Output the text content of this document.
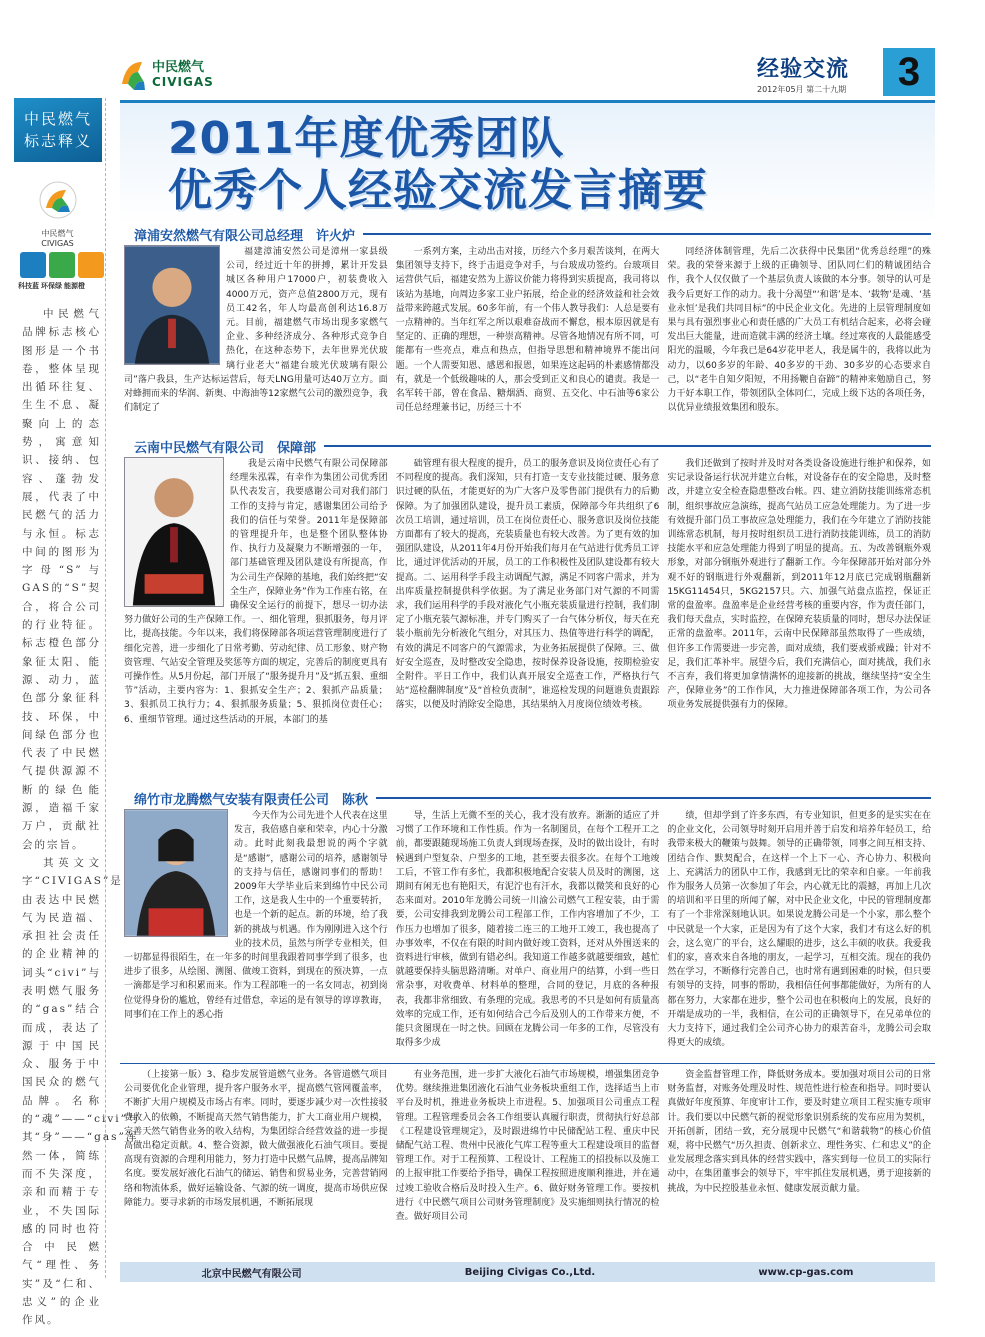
中民燃气
标志释义
中民燃气
CIVIGAS
科技蓝 环保绿 能源橙

中民燃气品牌标志核心图形是一个书卷，整体呈现出循环往复、生生不息、凝聚向上的态势，寓意知识、接纳、包容、蓬勃发展，代表了中民燃气的活力与永恒。标志中间的图形为字母“S”与GAS的“S”契合，将合公司的行业特征。标志橙色部分象征太阳、能源、动力，蓝色部分象征科技、环保，中间绿色部分也代表了中民燃气提供源源不断的绿色能源，造福千家万户，贡献社会的宗旨。

其英文文字“CIVIGAS”是由表达中民燃气为民造福、承担社会责任的企业精神的词头“civi”与表明燃气服务的“gas”结合而成，表达了源于中国民众、服务于中国民众的燃气品牌。名称的“魂”——“civi”与其“身”——“gas”浑然一体，简练而不失深度，亲和而精于专业，不失国际感的同时也符合中民燃气“理性、务实”及“仁和、忠义”的企业作风。

中民燃气
CIVIGAS	经验交流
2012年05月 第二十九期	3
2011年度优秀团队
优秀个人经验交流发言摘要
漳浦安然燃气有限公司总经理　许火炉

福建漳浦安然公司是漳州一家县级公司，经过近十年的拼搏，累计开发县城区各种用户17000户，初装费收入4000万元，资产总值2800万元，现有员工42名，年人均最高创利达16.8万元。目前，福建燃气市场出现多家燃气企业、多种经济成分、各种形式竞争自热化，在这种态势下，去年世界光伏玻璃行业老大“福建台玻光伏玻璃有限公司”落户我县，生产达标运营后，每天LNG用量可达40万立方。面对蜂拥而来的华润、新奥、中海油等12家燃气公司的激烈竞争，我们制定了

一系列方案，主动出击对接，历经六个多月艰苦谈判，在两大集团领导支持下，终于击退竞争对手，与台玻成功签约。台玻项目运营供气后，福建安然为上游议价能力将得到实质提高，我司将以该站为基地，向周边多家工业户拓展，给企业的经济效益和社会效益带来跨越式发展。60多年前，有一个伟人教导我们：人总是要有一点精神的。当年红军之所以艰难奋战而不懈怠，根本原因就是有坚定的、正确的理想，一种崇高精神。尽管各地情况有所不同，可能都有一些亮点，难点和热点，但指导思想和精神境界不能出问题。一个人需要知恩、感恩和报恩，如果连这起码的朴素感情都没有，就是一个低级趣味的人，那会受到正义和良心的谴责。我是一名军转干部，曾在食品、糖烟酒、商贸、五交化、中石油等6家公司任总经理兼书记，历经三十不

同经济体制管理，先后二次获得中民集团“优秀总经理”的殊荣。我的荣誉来源于上级的正确领导、团队同仁们的精诚团结合作，我个人仅仅做了一个基层负责人该做的本分事。领导的认可是我今后更好工作的动力。我十分渴望“‘和谐’是本、‘载物’是魂、‘基业永恒’是我们共同目标”的中民企业文化。先进的上层管理制度如果与具有强烈事业心和责任感的广大员工有机结合起来，必将会碰发出巨大能量，进而造就丰满的经济土壤。经过寒夜的人最能感受阳光的温暖，今年我已是64岁花甲老人，我是属牛的，我将以此为动力，以60多岁的年龄、40多岁的干劲、30多岁的心态要求自己，以“老牛自知夕阳短，不用扬鞭自奋蹄”的精神来勉励自己，努力干好本职工作，带领团队全体同仁，完成上级下达的各项任务，以优异业绩报效集团和股东。

云南中民燃气有限公司　保障部

我是云南中民燃气有限公司保障部经理朱泓霖，有幸作为集团公司优秀团队代表发言，我要感谢公司对我们部门工作的支持与肯定，感谢集团公司给予我们的信任与荣誉。2011年是保障部的管理提升年，也是整个团队整体协作、执行力及凝聚力不断增强的一年，部门基础管理及团队建设有所提高，作为公司生产保障的基地，我们始终把“安全生产，保障业务”作为工作座右铭，在确保安全运行的前提下，想尽一切办法努力做好公司的生产保障工作。一、细化管理，狠抓服务，每月评比，提高技能。今年以来，我们将保障部各项运营管理制度进行了细化完善，进一步细化了日常考勤、劳动纪律、员工形象、财产物资管理、气站安全管理及奖惩等方面的规定，完善后的制度更具有可操作性。从5月份起，部门开展了“服务提升月”及“抓五狠、重细节”活动，主要内容为：1、狠抓安全生产；2、狠抓产品质量；3、狠抓员工执行力；4、狠抓服务质量；5、狠抓岗位责任心；6、重细节管理。通过这些活动的开展，本部门的基

础管理有很大程度的提升，员工的服务意识及岗位责任心有了不同程度的提高。我们深知，只有打造一支专业技能过硬、服务意识过硬的队伍，才能更好的为广大客户及零售部门提供有力的后勤保障。为了加强团队建设，提升员工素质，保障部今年共组织了6次员工培训，通过培训，员工在岗位责任心、服务意识及岗位技能方面都有了较大的提高，充装质量也有较大改善。为了更有效的加强团队建设，从2011年4月份开始我们每月在气站进行优秀员工评比，通过评优活动的开展，员工的工作积极性及团队建设都有较大提高。二、运用科学手段主动调配气源，满足不同客户需求，并为出库质量控制提供科学依据。为了满足业务部门对气源的不同需求，我们运用科学的手段对液化气小瓶充装质量进行控制，我们制定了小瓶充装气源标准，并专门购买了一台气体分析仪，每天在充装小瓶前先分析液化气组分，对其压力、热值等进行科学的调配，有效的满足不同客户的气源需求，为业务拓展提供了保障。三、做好安全巡查，及时整改安全隐患，按时保养设备设施，按期检验安全附件。平日工作中，我们认真开展安全巡查工作，严格执行气站“巡检翻牌制度”及“首检负责制”，谁巡检发现的问题谁负责跟踪落实，以便及时消除安全隐患，其结果纳入月度岗位绩效考核。

我们还做到了按时并及时对各类设备设施进行维护和保养，如实记录设备运行状况并建立台帐，对设备存在的安全隐患，及时整改，并建立安全检查隐患整改台帐。四、建立消防技能训练常态机制，组织事故应急演练，提高气站员工应急处理能力。为了进一步有效提升部门员工事故应急处理能力，我们在今年建立了消防技能训练常态机制，每月按时组织员工进行消防技能训练，员工的消防技能水平和应急处理能力得到了明显的提高。五、为改善钢瓶外观形象，对部分钢瓶外观进行了翻新工作。今年保障部开始对部分外观不好的钢瓶进行外观翻新，到2011年12月底已完成钢瓶翻新15KG11454只，5KG2157只。六、加强气站盘点监控，保证正常的盘盈率。盘盈率是企业经营考核的重要内容，作为责任部门，我们每天盘点，实时监控，在保障充装质量的同时，想尽办法保证正常的盘盈率。2011年，云南中民保障部虽然取得了一些成绩，但许多工作需要进一步完善，面对成绩，我们要戒骄戒躁；针对不足，我们汇革补牢。展望今后，我们充满信心，面对挑战，我们永不言弃，我们将更加拿情满怀的迎接新的挑战，继续坚持“安全生产，保障业务”的工作作风，大力推进保障部各项工作，为公司各项业务发展提供强有力的保障。

绵竹市龙腾燃气安装有限责任公司　陈秋

今天作为公司先进个人代表在这里发言，我倍感自豪和荣幸，内心十分激动。此时此刻我最想说的两个字就是“感谢”，感谢公司的培养，感谢领导的支持与信任，感谢同事们的帮助！2009年大学毕业后来到绵竹中民公司工作，这是我人生中的一个重要转折，也是一个新的起点。新的环境，给了我新的挑战与机遇。作为刚刚进入这个行业的技术员，虽然与所学专业相关，但一切都显得很陌生，在一年多的时间里我跟着同事学到了很多，也进步了很多，从绘图、测图、做竣工资料，到现在的预决算，一点一滴都是学习和积累而来。作为工程部唯一的一名女同志，初到岗位觉得身份的尴尬，曾经有过借怠，幸运的是有领导的谆谆教诲，同事们在工作上的悉心指

导，生活上无微不至的关心，我才没有放弃。渐渐的适应了并习惯了工作环境和工作性质。作为一名制图员，在每个工程开工之前，都要跟随现场施工负责人到现场查探，及时的做出设计，有时候遇到户型复杂、户型多的工地，甚至要去很多次。在每个工地竣工后，不管工作有多忙，我都积极地配合安装人员及时的测图，这期间有闲无也有艳阳天，有泥泞也有汗水，我都以微笑和良好的心态来面对。2010年龙腾公司统一川渝公司燃气工程安装，由于需要，公司安排我到龙腾公司工程部工作，工作内容增加了不少，工作压力也增加了很多，随着接二连三的工地开工竣工，我也提高了办事效率，不仅在有限的时间内做好竣工资料，还对从外围送来的资料进行审核，做到有错必纠。我知道工作越多就越要细致，越忙就越要保持头脑思路清晰。对单户、商业用户的结算，小到一些日常杂事，对收费单、材料单的整理，合同的登记，月底的各种报表，我都非常细致、有条理的完成。我思考的不只是如何有质量高效率的完成工作，还有如何结合己今后及别人的工作带来方便，不能只贪图现在一时之快。回顾在龙腾公司一年多的工作，尽管没有取得多少成

绩，但却学到了许多东西，有专业知识，但更多的是实实在在的企业文化，公司领导时刻开启用并善于启发和培养年轻员工，给我带来极大的鞭策与鼓舞。领导的正确带领，同事之间互相支持、团结合作、默契配合，在这样一个上下一心、齐心协力、积极向上、充满活力的团队中工作，我感到无比的荣幸和自豪。一年前我作为服务人员第一次参加了年会，内心就无比的震撼，再加上几次的培训和平日里的所闻了解，对中民企业文化，中民的管理制度都有了一个非常深刻地认识。如果说龙腾公司是一个小家，那么整个中民就是一个大家，正是因为有了这个大家，我们才有这么好的机会，这么宽广的平台，这么耀眼的进步，这么丰硕的收获。我爱我们的家，喜欢来自各地的朋友，一起学习，互相交流。现在的我仍然在学习，不断修行完善自己，也时常有遇到困难的时候，但只要有领导的支持，同事的帮助，我相信任何事都能做好，为所有的人都在努力，大家都在进步，整个公司也在积极向上的发展，良好的开端是成功的一半，我相信，在公司的正确领导下，在兄弟单位的大力支持下，通过我们全公司齐心协力的艰苦奋斗，龙腾公司会取得更大的成绩。

（上接第一版）3、稳步发展管道燃气业务。各管道燃气项目公司要优化企业管理，提升客户服务水平，提高燃气管网覆盖率，不断扩大用户规模及市场占有率。同时，要逐步减少对一次性接驳费收入的依赖，不断提高天然气销售能力，扩大工商业用户规模，完善天然气销售业务的收入结构，为集团综合经营效益的进一步提高做出稳定贡献。4、整合资源，做大做强液化石油气项目。要提高现有资源的合理利用能力，努力打造中民燃气品牌，提高品牌知名度。要发展好液化石油气的储运、销售和贸易业务，完善营销网络和物流体系，做好运输设备、气源的统一调度，提高市场供应保障能力。要寻求新的市场发展机遇，不断拓展现

有业务范围，进一步扩大液化石油气市场规模，增强集团竞争优势。继续推进集团液化石油气业务板块重组工作，选择适当上市平台及时机，推进业务板块上市进程。5、加强项目公司重点工程管理。工程管理委员会各工作组要认真履行职责，贯彻执行好总部《工程建设管理规定》，及时跟进绵竹中民储配站工程、重庆中民储配气站工程、贵州中民液化气库工程等重大工程建设项目的监督管理工作。对于工程预算、工程设计、工程施工的招投标以及施工的上报审批工作要给予指导，确保工程按照进度顺利推进，并在通过竣工验收合格后及时投入生产。6、做好财务管理工作。要按机进行《中民燃气项目公司财务管理制度》及实施细则执行情况的检查。做好项目公司

资金监督管理工作，降低财务成本。要加强对项目公司的日常财务监督，对账务处理及时性、规范性进行检查和指导。同时要认真做好年度预算、年度审计工作，要及时建立项目工程实施专项审计。我们要以中民燃气新的视觉形象识别系统的发布应用为契机，开拓创新，团结一致，充分展现中民燃气“和谐载物”的核心价值观，将中民燃气“历久担责、创新求立、理性务实、仁和忠义”的企业发展理念落实到具体的经营实践中，落实到每一位员工的实际行动中，在集团董事会的领导下，牢牢抓住发展机遇，勇于迎接新的挑战，为中民控股基业永恒、健康发展贡献力量。

北京中民燃气有限公司	Beijing Civigas Co.,Ltd.	www.cp-gas.com
